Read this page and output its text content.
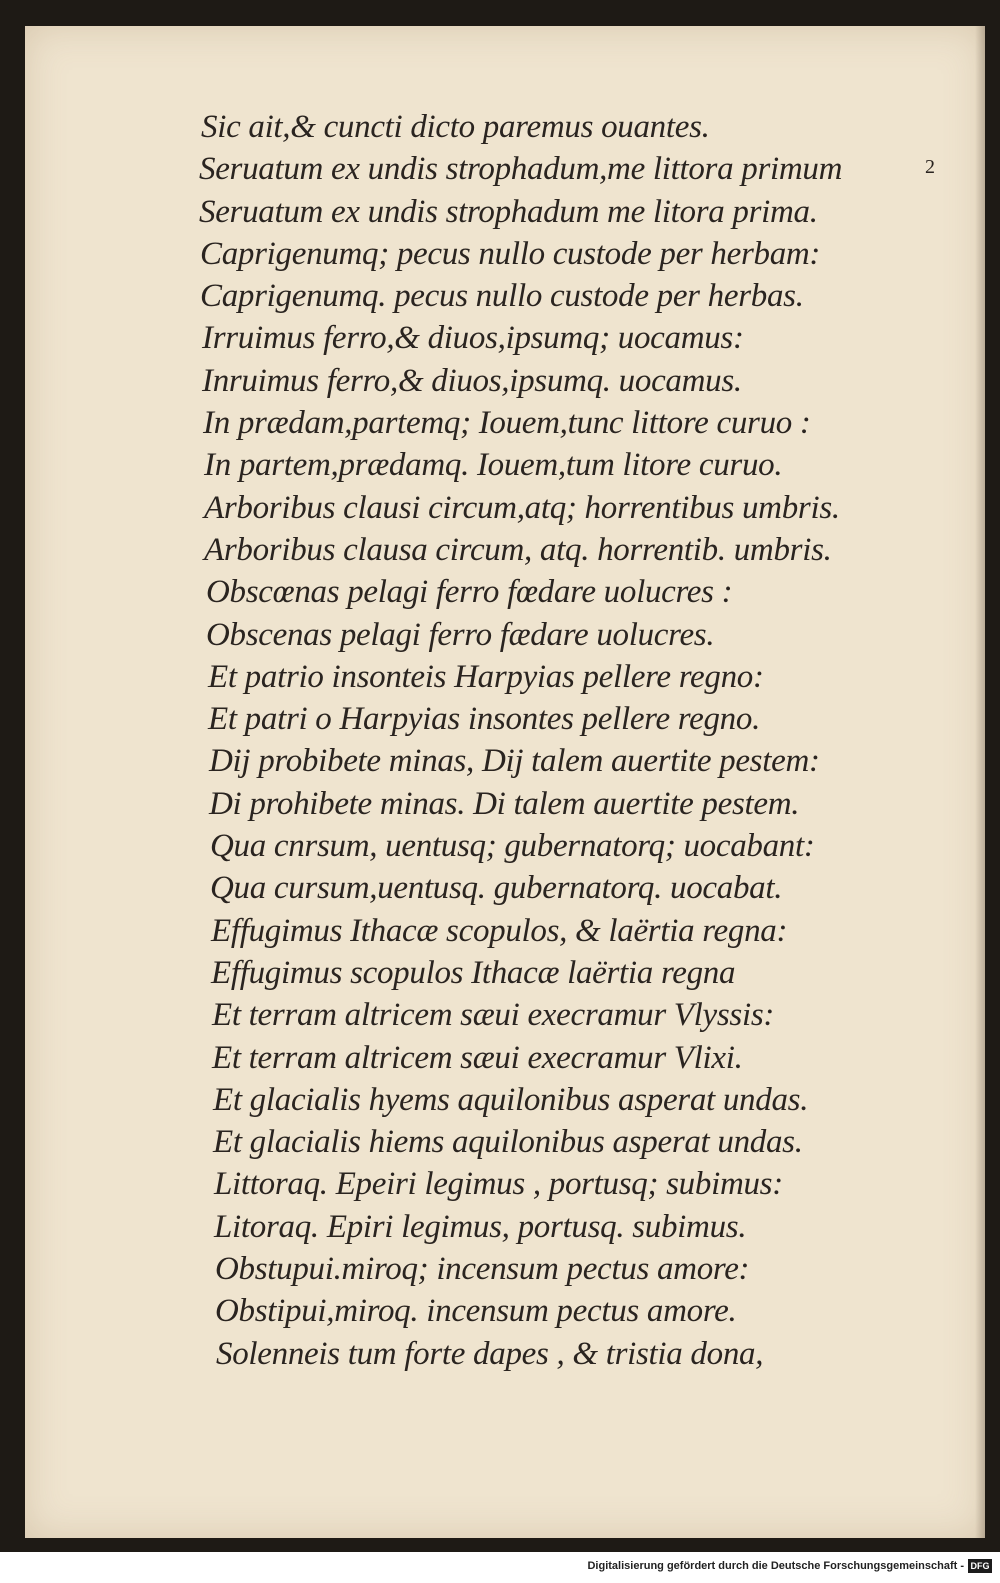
Sic ait,& cuncti dicto paremus ouantes.
Seruatum ex undis strophadum,me littora primum
Seruatum ex undis strophadum me litora prima.
Caprigenumq; pecus nullo custode per herbam:
Caprigenumq. pecus nullo custode per herbas.
Irruimus ferro,& diuos,ipsumq; uocamus:
Inruimus ferro,& diuos,ipsumq. uocamus.
In prædam,partemq; Iouem,tunc littore curuo :
In partem,prædamq. Iouem,tum litore curuo.
Arboribus clausi circum,atq; horrentibus umbris.
Arboribus clausa circum, atq. horrentib. umbris.
Obscœnas pelagi ferro fœdare uolucres :
Obscenas pelagi ferro fædare uolucres.
Et patrio insonteis Harpyias pellere regno:
Et patri o Harpyias insontes pellere regno.
Dij probibete minas, Dij talem auertite pestem:
Di prohibete minas. Di talem auertite pestem.
Qua cnrsum, uentusq; gubernatorq; uocabant:
Qua cursum,uentusq. gubernatorq. uocabat.
Effugimus Ithacæ scopulos, & laërtia regna:
Effugimus scopulos Ithacæ laërtia regna
Et terram altricem sæui execramur Vlyssis:
Et terram altricem sæui execramur Vlixi.
Et glacialis hyems aquilonibus asperat undas.
Et glacialis hiems aquilonibus asperat undas.
Littoraq. Epeiri legimus , portusq; subimus:
Litoraq. Epiri legimus, portusq. subimus.
Obstupui.miroq; incensum pectus amore:
Obstipui,miroq. incensum pectus amore.
Solenneis tum forte dapes , & tristia dona,
2
Digitalisierung gefördert durch die Deutsche Forschungsgemeinschaft - DFG
